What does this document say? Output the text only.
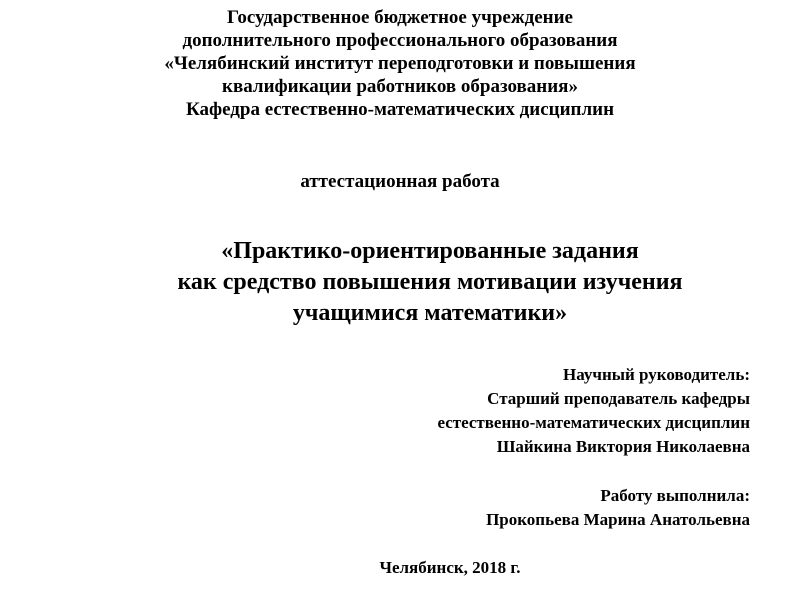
Государственное бюджетное учреждение
дополнительного профессионального образования
«Челябинский институт переподготовки и повышения
квалификации работников образования»
Кафедра естественно-математических дисциплин
аттестационная работа
«Практико-ориентированные задания
как средство повышения мотивации изучения
учащимися математики»
Научный руководитель:
Старший преподаватель кафедры
естественно-математических дисциплин
Шайкина Виктория Николаевна
Работу выполнила:
Прокопьева Марина Анатольевна
Челябинск, 2018 г.
